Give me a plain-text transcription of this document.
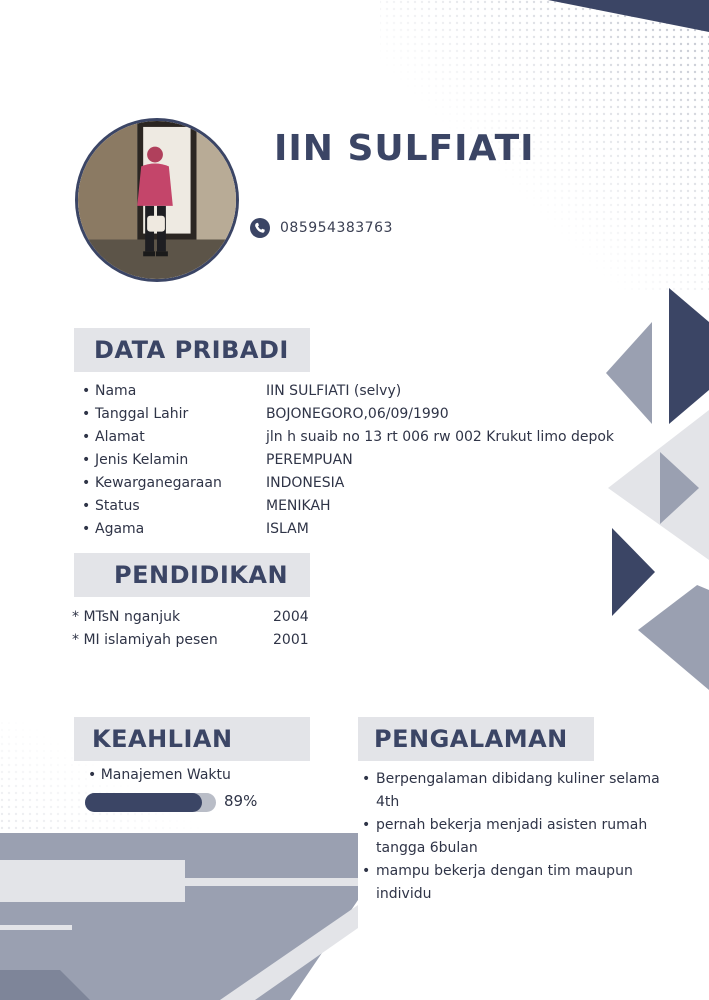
IIN SULFIATI
085954383763
DATA PRIBADI
• Nama	IIN SULFIATI (selvy)
• Tanggal Lahir	BOJONEGORO,06/09/1990
• Alamat	jln h suaib no 13 rt 006 rw 002 Krukut limo depok
• Jenis Kelamin	PEREMPUAN
• Kewarganegaraan	INDONESIA
• Status	MENIKAH
• Agama	ISLAM
PENDIDIKAN
* MTsN nganjuk	2004
* MI islamiyah pesen	2001
KEAHLIAN
• Manajemen Waktu
89%
PENGALAMAN
• Berpengalaman dibidang kuliner selama 4th
• pernah bekerja menjadi asisten rumah tangga 6bulan
• mampu bekerja dengan tim maupun individu
